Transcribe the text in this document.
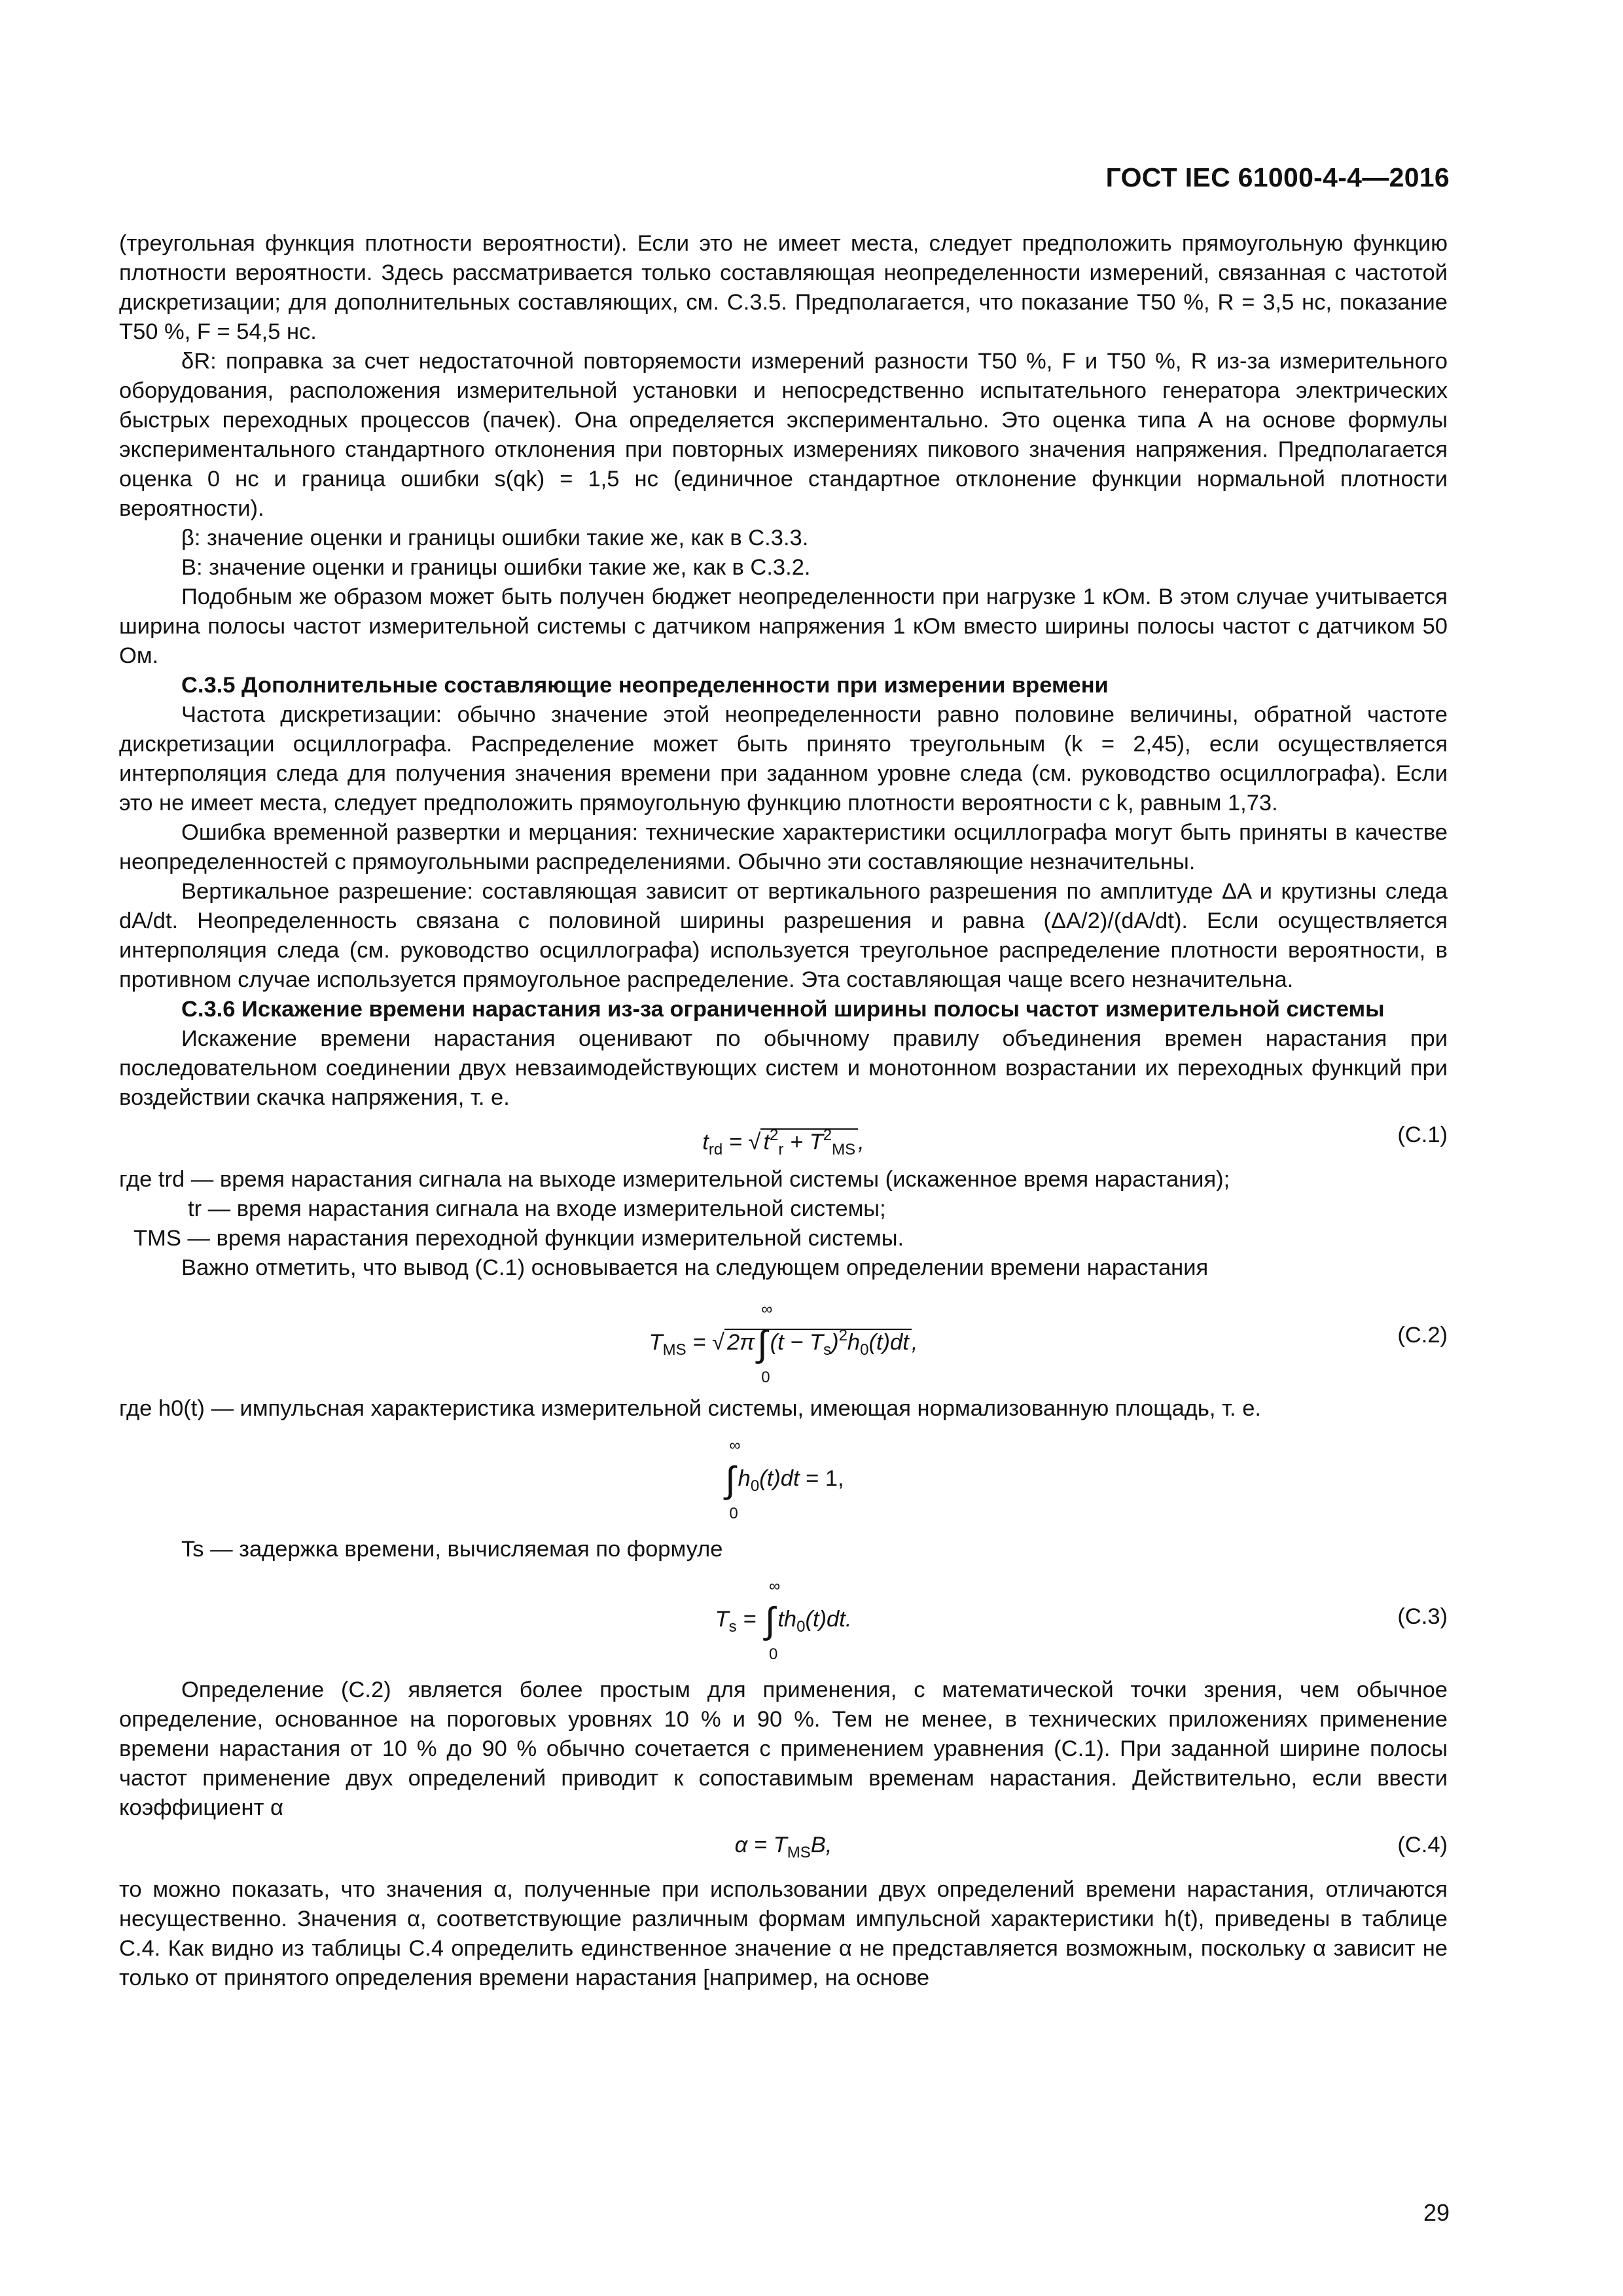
ГОСТ IEC 61000-4-4—2016

(треугольная функция плотности вероятности). Если это не имеет места, следует предположить прямоугольную функцию плотности вероятности. Здесь рассматривается только составляющая неопределенности измерений, связанная с частотой дискретизации; для дополнительных составляющих, см. С.3.5. Предполагается, что показание T50 %, R = 3,5 нс, показание T50 %, F = 54,5 нс.

δR: поправка за счет недостаточной повторяемости измерений разности T50 %, F и T50 %, R из-за измерительного оборудования, расположения измерительной установки и непосредственно испытательного генератора электрических быстрых переходных процессов (пачек). Она определяется экспериментально. Это оценка типа А на основе формулы экспериментального стандартного отклонения при повторных измерениях пикового значения напряжения. Предполагается оценка 0 нс и граница ошибки s(qk) = 1,5 нс (единичное стандартное отклонение функции нормальной плотности вероятности).

β: значение оценки и границы ошибки такие же, как в С.3.3.

B: значение оценки и границы ошибки такие же, как в С.3.2.

Подобным же образом может быть получен бюджет неопределенности при нагрузке 1 кОм. В этом случае учитывается ширина полосы частот измерительной системы с датчиком напряжения 1 кОм вместо ширины полосы частот с датчиком 50 Ом.

С.3.5 Дополнительные составляющие неопределенности при измерении времени

Частота дискретизации: обычно значение этой неопределенности равно половине величины, обратной частоте дискретизации осциллографа. Распределение может быть принято треугольным (k = 2,45), если осуществляется интерполяция следа для получения значения времени при заданном уровне следа (см. руководство осциллографа). Если это не имеет места, следует предположить прямоугольную функцию плотности вероятности с k, равным 1,73.

Ошибка временной развертки и мерцания: технические характеристики осциллографа могут быть приняты в качестве неопределенностей с прямоугольными распределениями. Обычно эти составляющие незначительны.

Вертикальное разрешение: составляющая зависит от вертикального разрешения по амплитуде ΔA и крутизны следа dA/dt. Неопределенность связана с половиной ширины разрешения и равна (ΔA/2)/(dA/dt). Если осуществляется интерполяция следа (см. руководство осциллографа) используется треугольное распределение плотности вероятности, в противном случае используется прямоугольное распределение. Эта составляющая чаще всего незначительна.

С.3.6 Искажение времени нарастания из-за ограниченной ширины полосы частот измерительной системы

Искажение времени нарастания оценивают по обычному правилу объединения времен нарастания при последовательном соединении двух невзаимодействующих систем и монотонном возрастании их переходных функций при воздействии скачка напряжения, т. е.

$t_{rd}$ = √ $t^2_r + T^2_{MS}$ ,	(С.1)

где trd — время нарастания сигнала на выходе измерительной системы (искаженное время нарастания);

tr — время нарастания сигнала на входе измерительной системы;

TMS — время нарастания переходной функции измерительной системы.

Важно отметить, что вывод (С.1) основывается на следующем определении времени нарастания

$T_{MS}$ = √ 2π∫
∞
0
$(t - T_s)^2h_0(t)dt$ ,	(С.2)

где h0(t) — импульсная характеристика измерительной системы, имеющая нормализованную площадь, т. е.

∫
∞
0
$h_0(t)dt = 1$,

Ts — задержка времени, вычисляемая по формуле

$T_s$ = ∫
∞
0
$th_0(t)dt$.	(С.3)

Определение (С.2) является более простым для применения, с математической точки зрения, чем обычное определение, основанное на пороговых уровнях 10 % и 90 %. Тем не менее, в технических приложениях применение времени нарастания от 10 % до 90 % обычно сочетается с применением уравнения (С.1). При заданной ширине полосы частот применение двух определений приводит к сопоставимым временам нарастания. Действительно, если ввести коэффициент α

$\alpha = T_{MS}B$,	(С.4)

то можно показать, что значения α, полученные при использовании двух определений времени нарастания, отличаются несущественно. Значения α, соответствующие различным формам импульсной характеристики h(t), приведены в таблице С.4. Как видно из таблицы С.4 определить единственное значение α не представляется возможным, поскольку α зависит не только от принятого определения времени нарастания [например, на основе

29
